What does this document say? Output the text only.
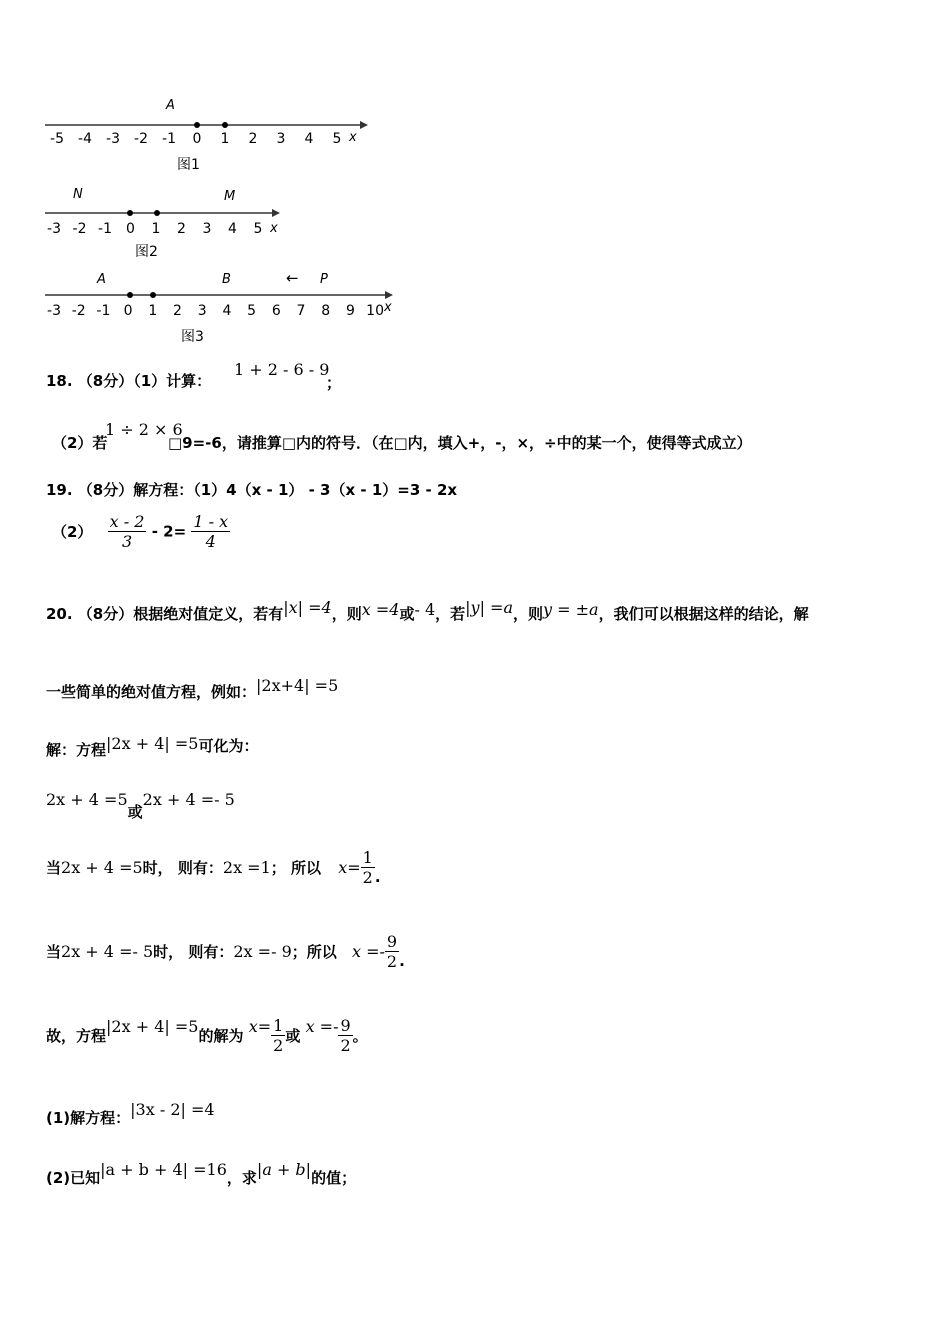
-5 -4 -3 -2 -1 0 1 2 3 4 5
A
x
图1
-3 -2 -1 0 1 2 3 4 5
N	M
x
图2
-3 -2 -1 0 1 2 3 4 5 6 7 8 9 10
A	B	← P
x
图3
18. （8分）（1）计算：
1 + 2 - 6 - 9
；
（2）若
1 ÷ 2 × 6
□9=-6，请推算□内的符号．（在□内，填入+，-，×，÷中的某一个，使得等式成立）
19. （8分）解方程：（1）4（x - 1） - 3（x - 1）=3 - 2x
$(2) \frac{x - 2}{3} - 2= \frac{1 - x}{4}$
20. （8分）根据绝对值定义，若有|x| =4，则x =4或- 4，若|y| =a，则y = ±a，我们可以根据这样的结论，解
一些简单的绝对值方程，例如：|2x+4| =5
解：方程|2x + 4| =5可化为：
2x + 4 =5或2x + 4 =- 5
当2x + 4 =5时， 则有：2x =1； 所以 $x= \frac{1}{2}$ .
当2x + 4 =- 5时， 则有：2x =- 9；所以 $x =- \frac{9}{2}$ .
故，方程|2x + 4| =5的解为 $x= \frac{1}{2}$ 或 $x =- \frac{9}{2}$ 。
(1)解方程：|3x - 2| =4
(2)已知|a + b + 4| =16，求|a + b|的值；
